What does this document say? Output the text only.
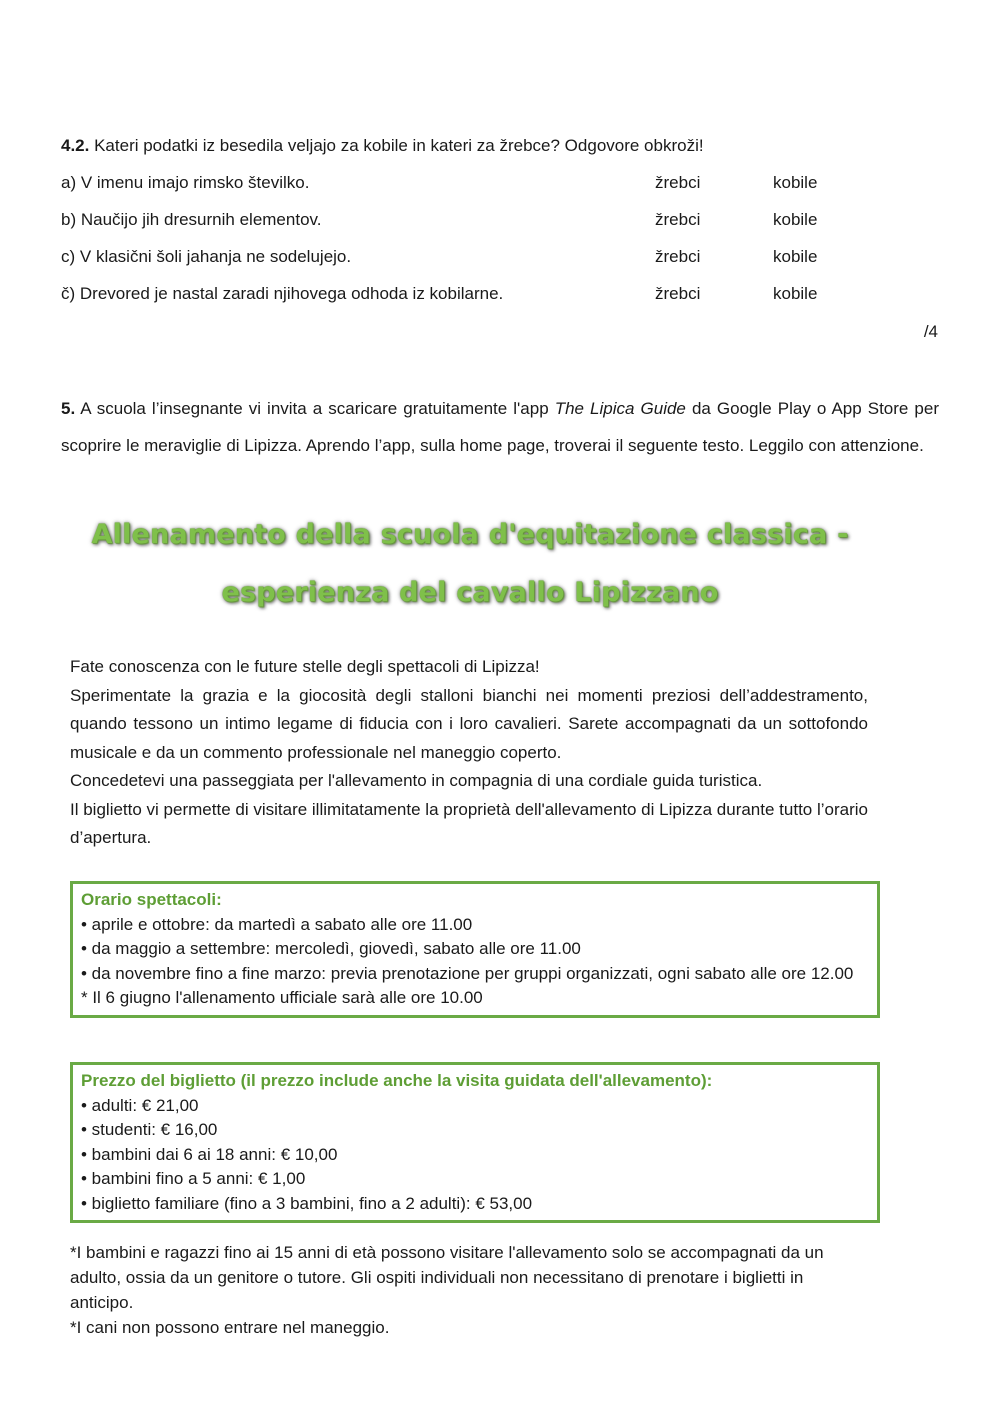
4.2. Kateri podatki iz besedila veljajo za kobile in kateri za žrebce? Odgovore obkroži!
a) V imenu imajo rimsko številko.	žrebci	kobile
b) Naučijo jih dresurnih elementov.	žrebci	kobile
c) V klasični šoli jahanja ne sodelujejo.	žrebci	kobile
č) Drevored je nastal zaradi njihovega odhoda iz kobilarne.	žrebci	kobile
/4
5. A scuola l’insegnante vi invita a scaricare gratuitamente l'app The Lipica Guide da Google Play o App Store per scoprire le meraviglie di Lipizza. Aprendo l’app, sulla home page, troverai il seguente testo. Leggilo con attenzione.
Allenamento della scuola d'equitazione classica -
esperienza del cavallo Lipizzano

Fate conoscenza con le future stelle degli spettacoli di Lipizza!

Sperimentate la grazia e la giocosità degli stalloni bianchi nei momenti preziosi dell’addestramento, quando tessono un intimo legame di fiducia con i loro cavalieri. Sarete accompagnati da un sottofondo musicale e da un commento professionale nel maneggio coperto.

Concedetevi una passeggiata per l'allevamento in compagnia di una cordiale guida turistica.

Il biglietto vi permette di visitare illimitatamente la proprietà dell'allevamento di Lipizza durante tutto l’orario d’apertura.

Orario spettacoli:

• aprile e ottobre: da martedì a sabato alle ore 11.00

• da maggio a settembre: mercoledì, giovedì, sabato alle ore 11.00

• da novembre fino a fine marzo: previa prenotazione per gruppi organizzati, ogni sabato alle ore 12.00

* Il 6 giugno l'allenamento ufficiale sarà alle ore 10.00

Prezzo del biglietto (il prezzo include anche la visita guidata dell'allevamento):

• adulti: € 21,00

• studenti: € 16,00

• bambini dai 6 ai 18 anni: € 10,00

• bambini fino a 5 anni: € 1,00

• biglietto familiare (fino a 3 bambini, fino a 2 adulti): € 53,00

*I bambini e ragazzi fino ai 15 anni di età possono visitare l'allevamento solo se accompagnati da un adulto, ossia da un genitore o tutore. Gli ospiti individuali non necessitano di prenotare i biglietti in anticipo.

*I cani non possono entrare nel maneggio.
